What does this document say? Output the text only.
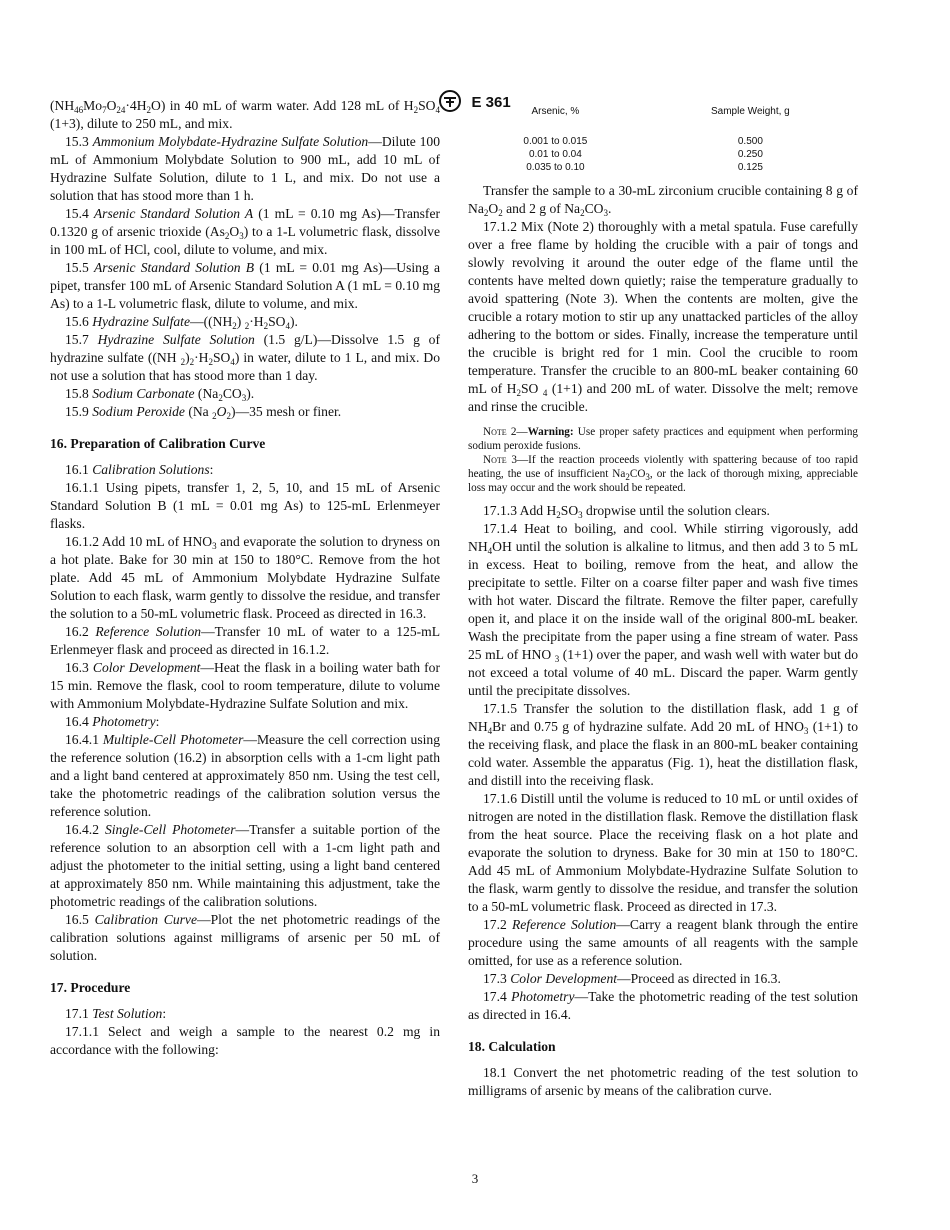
E 361

$(NH_{46}Mo_7O_{24}\cdot 4H_2O)$ in 40 mL of warm water. Add 128 mL of $H_2SO_4$ (1+3), dilute to 250 mL, and mix.

15.3 Ammonium Molybdate-Hydrazine Sulfate Solution—Dilute 100 mL of Ammonium Molybdate Solution to 900 mL, add 10 mL of Hydrazine Sulfate Solution, dilute to 1 L, and mix. Do not use a solution that has stood more than 1 h.

15.4 Arsenic Standard Solution A (1 mL = 0.10 mg As)—Transfer 0.1320 g of arsenic trioxide $(As_2O_3)$ to a 1-L volumetric flask, dissolve in 100 mL of HCl, cool, dilute to volume, and mix.

15.5 Arsenic Standard Solution B (1 mL = 0.01 mg As)—Using a pipet, transfer 100 mL of Arsenic Standard Solution A (1 mL = 0.10 mg As) to a 1-L volumetric flask, dilute to volume, and mix.

15.6 Hydrazine $Sulfate—((NH_2)$ $_2\cdot H_2SO_4$).

15.7 Hydrazine Sulfate Solution (1.5 g/L)—Dissolve 1.5 g of hydrazine sulfate ((NH $_2)_2\cdot H_2SO_4$) in water, dilute to 1 L, and mix. Do not use a solution that has stood more than 1 day.

15.8 Sodium Carbonate $(Na_2CO_3)$.

15.9 Sodium Peroxide (Na $_2O_2)—35$ mesh or finer.

16. Preparation of Calibration Curve

16.1 Calibration Solutions:

16.1.1 Using pipets, transfer 1, 2, 5, 10, and 15 mL of Arsenic Standard Solution B (1 mL = 0.01 mg As) to 125-mL Erlenmeyer flasks.

16.1.2 Add 10 mL of $HNO_3$ and evaporate the solution to dryness on a hot plate. Bake for 30 min at 150 to 180°C. Remove from the hot plate. Add 45 mL of Ammonium Molybdate Hydrazine Sulfate Solution to each flask, warm gently to dissolve the residue, and transfer the solution to a 50-mL volumetric flask. Proceed as directed in 16.3.

16.2 Reference Solution—Transfer 10 mL of water to a 125-mL Erlenmeyer flask and proceed as directed in 16.1.2.

16.3 Color Development—Heat the flask in a boiling water bath for 15 min. Remove the flask, cool to room temperature, dilute to volume with Ammonium Molybdate-Hydrazine Sulfate Solution and mix.

16.4 Photometry:

16.4.1 Multiple-Cell Photometer—Measure the cell correction using the reference solution (16.2) in absorption cells with a 1-cm light path and a light band centered at approximately 850 nm. Using the test cell, take the photometric readings of the calibration solution versus the reference solution.

16.4.2 Single-Cell Photometer—Transfer a suitable portion of the reference solution to an absorption cell with a 1-cm light path and adjust the photometer to the initial setting, using a light band centered at approximately 850 nm. While maintaining this adjustment, take the photometric readings of the calibration solutions.

16.5 Calibration Curve—Plot the net photometric readings of the calibration solutions against milligrams of arsenic per 50 mL of solution.

17. Procedure

17.1 Test Solution:

17.1.1 Select and weigh a sample to the nearest 0.2 mg in accordance with the following:

Arsenic, %	Sample Weight, g
0.001 to 0.015	0.500
0.01 to 0.04	0.250
0.035 to 0.10	0.125

Transfer the sample to a 30-mL zirconium crucible containing 8 g of $Na_2O_2$ and 2 g of $Na_2CO_3$.

17.1.2 Mix (Note 2) thoroughly with a metal spatula. Fuse carefully over a free flame by holding the crucible with a pair of tongs and slowly revolving it around the outer edge of the flame until the contents have melted down quietly; raise the temperature gradually to avoid spattering (Note 3). When the contents are molten, give the crucible a rotary motion to stir up any unattacked particles of the alloy adhering to the bottom or sides. Finally, increase the temperature until the crucible is bright red for 1 min. Cool the crucible to room temperature. Transfer the crucible to an 800-mL beaker containing 60 mL of $H_2SO$ $_4$ (1+1) and 200 mL of water. Dissolve the melt; remove and rinse the crucible.

Note 2—Warning: Use proper safety practices and equipment when performing sodium peroxide fusions.

Note 3—If the reaction proceeds violently with spattering because of too rapid heating, the use of insufficient $Na_2CO_3$, or the lack of thorough mixing, appreciable loss may occur and the work should be repeated.

17.1.3 Add $H_2SO_3$ dropwise until the solution clears.

17.1.4 Heat to boiling, and cool. While stirring vigorously, add $NH_4OH$ until the solution is alkaline to litmus, and then add 3 to 5 mL in excess. Heat to boiling, remove from the heat, and allow the precipitate to settle. Filter on a coarse filter paper and wash five times with hot water. Discard the filtrate. Remove the filter paper, carefully open it, and place it on the inside wall of the original 800-mL beaker. Wash the precipitate from the paper using a fine stream of water. Pass 25 mL of HNO $_3$ (1+1) over the paper, and wash well with water but do not exceed a total volume of 40 mL. Discard the paper. Warm gently until the precipitate dissolves.

17.1.5 Transfer the solution to the distillation flask, add 1 g of $NH_4Br$ and 0.75 g of hydrazine sulfate. Add 20 mL of $HNO_3$ (1+1) to the receiving flask, and place the flask in an 800-mL beaker containing cold water. Assemble the apparatus (Fig. 1), heat the distillation flask, and distill into the receiving flask.

17.1.6 Distill until the volume is reduced to 10 mL or until oxides of nitrogen are noted in the distillation flask. Remove the distillation flask from the heat source. Place the receiving flask on a hot plate and evaporate the solution to dryness. Bake for 30 min at 150 to 180°C. Add 45 mL of Ammonium Molybdate-Hydrazine Sulfate Solution to the flask, warm gently to dissolve the residue, and transfer the solution to a 50-mL volumetric flask. Proceed as directed in 17.3.

17.2 Reference Solution—Carry a reagent blank through the entire procedure using the same amounts of all reagents with the sample omitted, for use as a reference solution.

17.3 Color Development—Proceed as directed in 16.3.

17.4 Photometry—Take the photometric reading of the test solution as directed in 16.4.

18. Calculation

18.1 Convert the net photometric reading of the test solution to milligrams of arsenic by means of the calibration curve.

3
